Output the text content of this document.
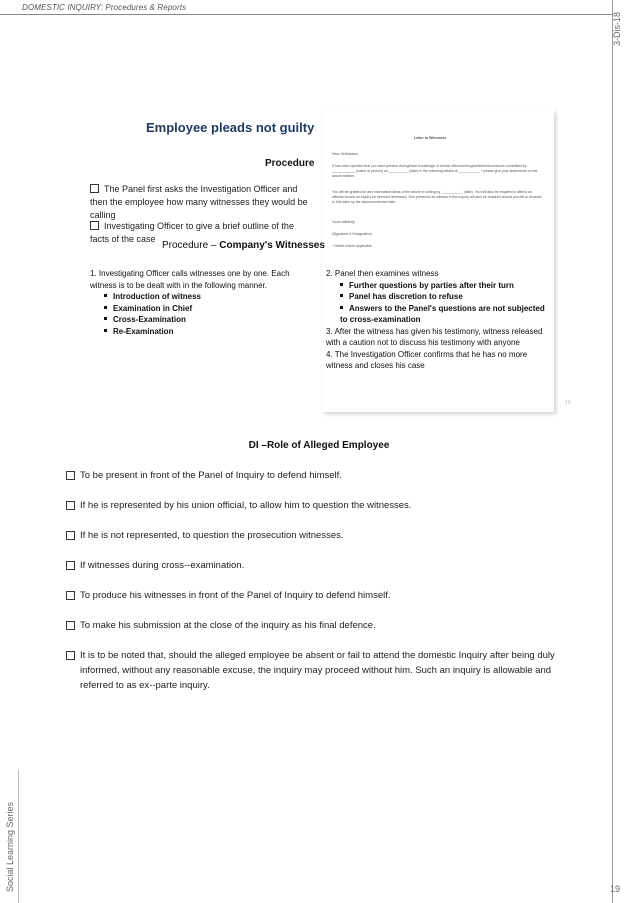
DOMESTIC INQUIRY: Procedures & Reports
3-Dis-18
Social Learning Series	19
Letter to Witnesses
Dear Sir/Madam,
It has been reported that you were present during/have knowledge of certain offences/irregularities/misconducts committed by ____________ (name of person) on __________ (date) in the following details of ___________ * please give your statements on the above matters.
You will be grateful for any information/ideas of the above in writing by ___________ (date). You will also be required to attend as witness should an inquiry be deemed necessary. Your presence as witness in the inquiry will also be required should you fail to respond to this letter by the abovementioned date.
Yours faithfully,
(Signature & Designation)
* Delete where applicable
Employee pleads not guilty
Procedure
The Panel first asks the Investigation Officer and then the employee how many witnesses they would be calling
Investigating Officer to give a brief outline of the facts of the case
Procedure – Company's Witnesses
1. Investigating Officer calls witnesses one by one. Each witness is to be dealt with in the following manner.
Introduction of witness
Examination in Chief
Cross-Examination
Re-Examination
2. Panel then examines witness
Further questions by parties after their turn
Panel has discretion to refuse
Answers to the Panel's questions are not subjected to cross-examination
3. After the witness has given his testimony, witness released with a caution not to discuss his testimony with anyone
4. The Investigation Officer confirms that he has no more witness and closes his case
19
DI –Role of Alleged Employee
To be present in front of the Panel of Inquiry to defend himself.
If he is represented by his union official, to allow him to question the witnesses.
If he is not represented, to question the prosecution witnesses.
If witnesses during cross--examination.
To produce his witnesses in front of the Panel of Inquiry to defend himself.
To make his submission at the close of the inquiry as his final defence.
It is to be noted that, should the alleged employee be absent or fail to attend the domestic Inquiry after being duly informed, without any reasonable excuse, the inquiry may proceed without him. Such an inquiry is allowable and referred to as ex--parte inquiry.
